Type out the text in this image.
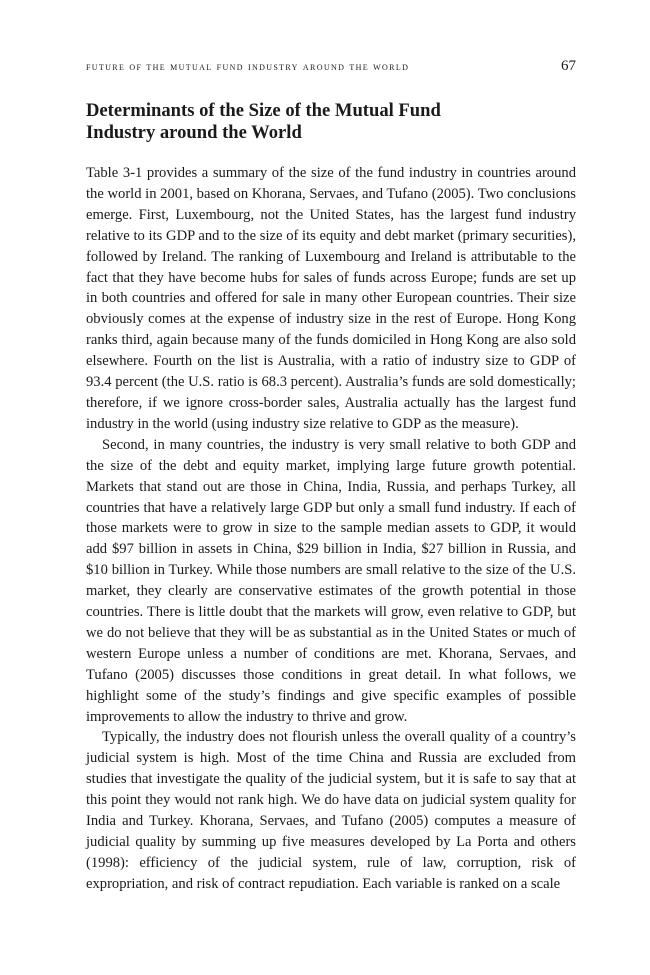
future of the mutual fund industry around the world	67
Determinants of the Size of the Mutual Fund Industry around the World

Table 3-1 provides a summary of the size of the fund industry in countries around the world in 2001, based on Khorana, Servaes, and Tufano (2005). Two conclusions emerge. First, Luxembourg, not the United States, has the largest fund industry relative to its GDP and to the size of its equity and debt market (primary securities), followed by Ireland. The ranking of Luxembourg and Ireland is attributable to the fact that they have become hubs for sales of funds across Europe; funds are set up in both countries and offered for sale in many other European countries. Their size obviously comes at the expense of industry size in the rest of Europe. Hong Kong ranks third, again because many of the funds domiciled in Hong Kong are also sold elsewhere. Fourth on the list is Australia, with a ratio of industry size to GDP of 93.4 percent (the U.S. ratio is 68.3 percent). Australia’s funds are sold domestically; therefore, if we ignore cross-border sales, Australia actually has the largest fund industry in the world (using industry size relative to GDP as the measure).

Second, in many countries, the industry is very small relative to both GDP and the size of the debt and equity market, implying large future growth potential. Markets that stand out are those in China, India, Russia, and perhaps Turkey, all countries that have a relatively large GDP but only a small fund industry. If each of those markets were to grow in size to the sample median assets to GDP, it would add $97 billion in assets in China, $29 billion in India, $27 billion in Russia, and $10 billion in Turkey. While those numbers are small relative to the size of the U.S. market, they clearly are conservative estimates of the growth potential in those countries. There is little doubt that the markets will grow, even relative to GDP, but we do not believe that they will be as substantial as in the United States or much of western Europe unless a number of conditions are met. Khorana, Servaes, and Tufano (2005) discusses those conditions in great detail. In what follows, we highlight some of the study’s findings and give specific examples of possible improvements to allow the industry to thrive and grow.

Typically, the industry does not flourish unless the overall quality of a country’s judicial system is high. Most of the time China and Russia are excluded from studies that investigate the quality of the judicial system, but it is safe to say that at this point they would not rank high. We do have data on judicial system quality for India and Turkey. Khorana, Servaes, and Tufano (2005) computes a measure of judicial quality by summing up five measures developed by La Porta and others (1998): efficiency of the judicial system, rule of law, corruption, risk of expropriation, and risk of contract repudiation. Each variable is ranked on a scale
